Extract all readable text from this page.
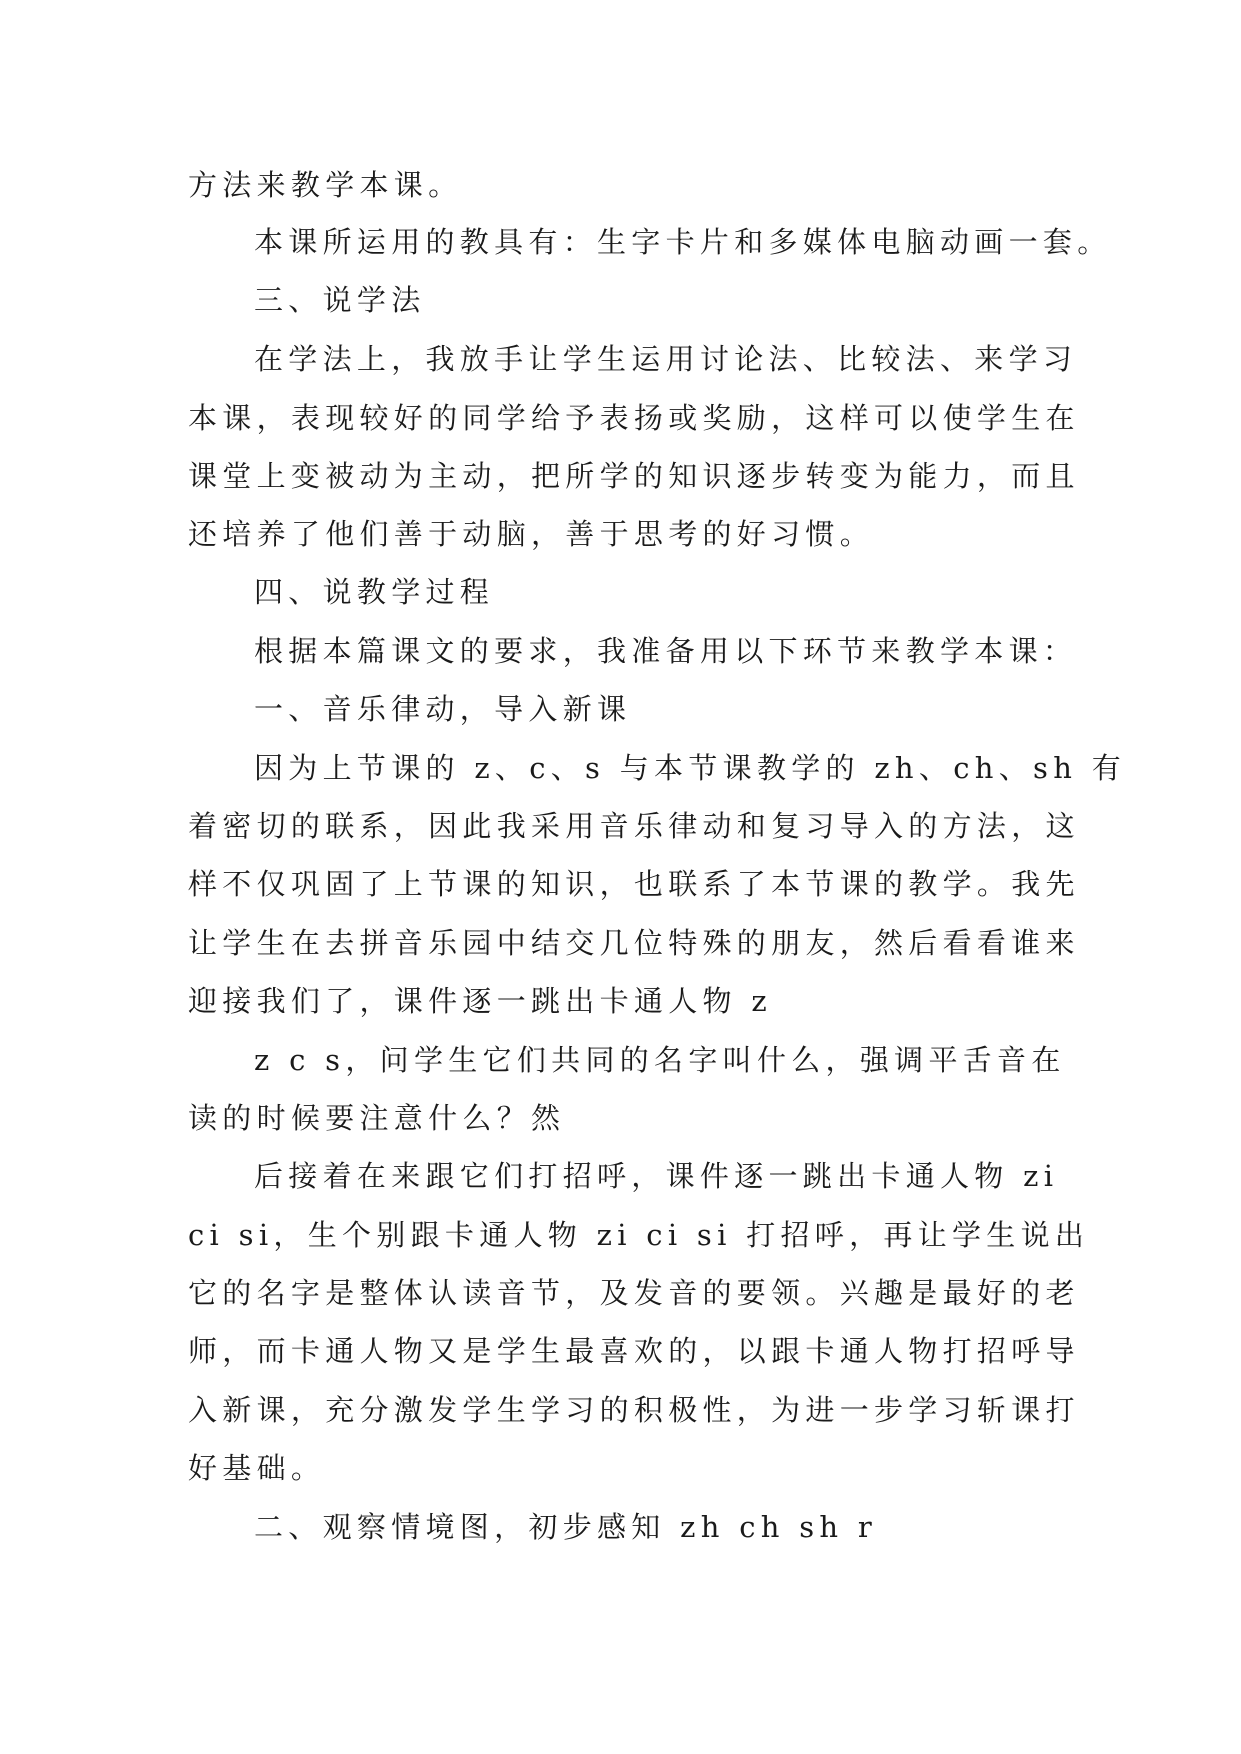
方法来教学本课。
本课所运用的教具有：生字卡片和多媒体电脑动画一套。
三、说学法
在学法上，我放手让学生运用讨论法、比较法、来学习
本课，表现较好的同学给予表扬或奖励，这样可以使学生在
课堂上变被动为主动，把所学的知识逐步转变为能力，而且
还培养了他们善于动脑，善于思考的好习惯。
四、说教学过程
根据本篇课文的要求，我准备用以下环节来教学本课：
一、音乐律动，导入新课
因为上节课的 z、c、s 与本节课教学的 zh、ch、sh 有
着密切的联系，因此我采用音乐律动和复习导入的方法，这
样不仅巩固了上节课的知识，也联系了本节课的教学。我先
让学生在去拼音乐园中结交几位特殊的朋友，然后看看谁来
迎接我们了，课件逐一跳出卡通人物 z
z c s，问学生它们共同的名字叫什么，强调平舌音在
读的时候要注意什么？然
后接着在来跟它们打招呼，课件逐一跳出卡通人物 zi
ci si，生个别跟卡通人物 zi ci si 打招呼，再让学生说出
它的名字是整体认读音节，及发音的要领。兴趣是最好的老
师，而卡通人物又是学生最喜欢的，以跟卡通人物打招呼导
入新课，充分激发学生学习的积极性，为进一步学习斩课打
好基础。
二、观察情境图，初步感知 zh ch sh r
